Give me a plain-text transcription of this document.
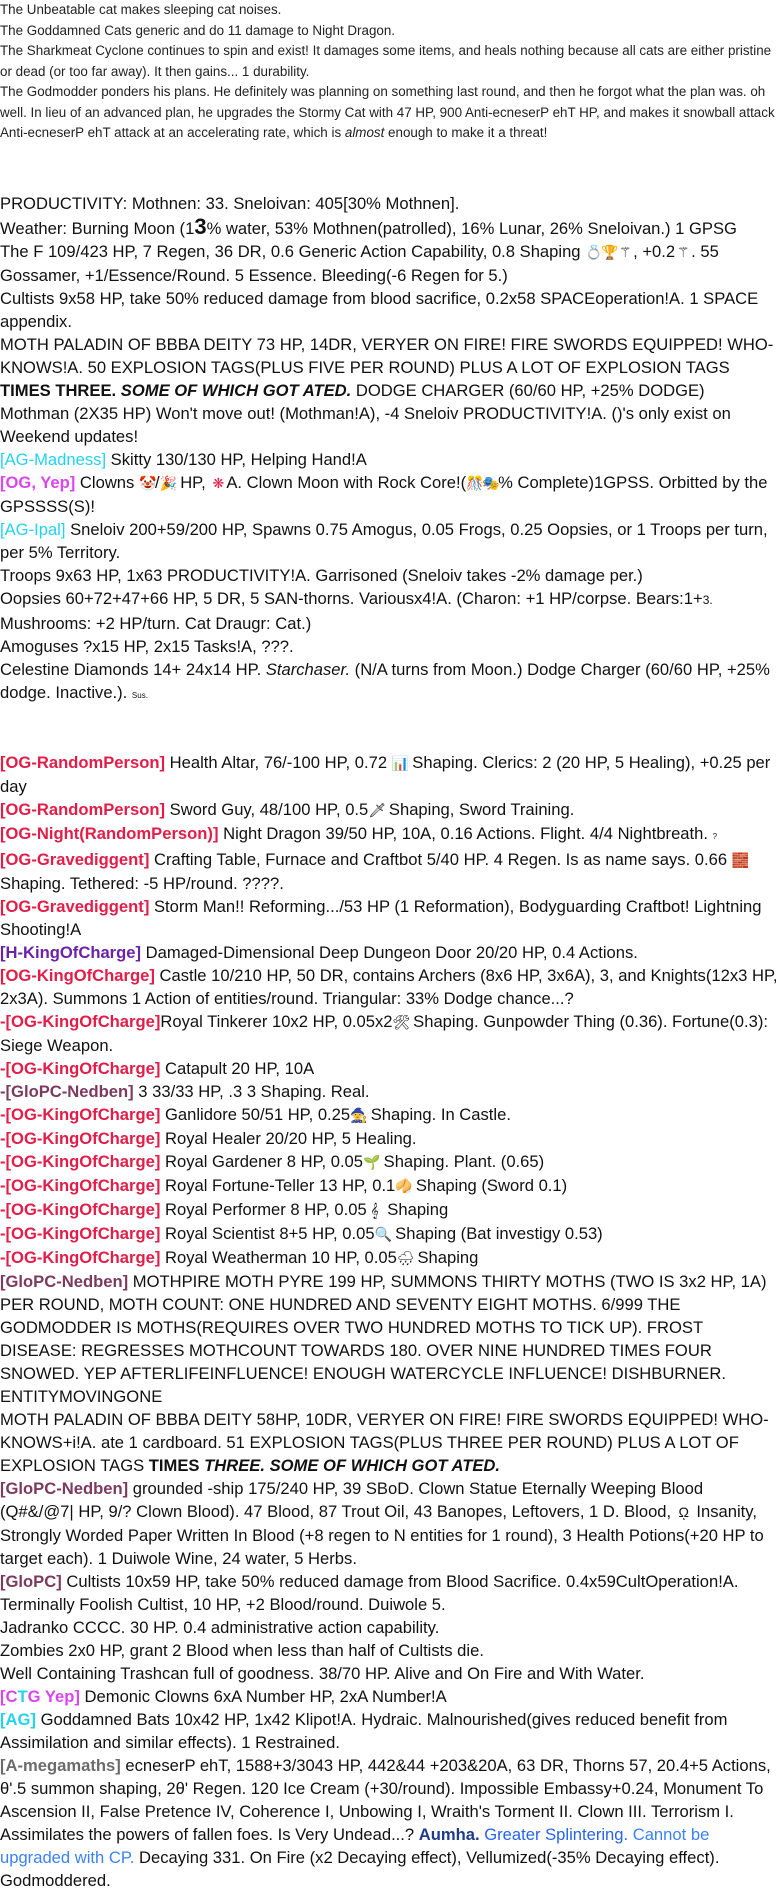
The Unbeatable cat makes sleeping cat noises.

The Goddamned Cats generic and do 11 damage to Night Dragon.

The Sharkmeat Cyclone continues to spin and exist! It damages some items, and heals nothing because all cats are either pristine or dead (or too far away). It then gains... 1 durability.

The Godmodder ponders his plans. He definitely was planning on something last round, and then he forgot what the plan was. oh well. In lieu of an advanced plan, he upgrades the Stormy Cat with 47 HP, 900 Anti-ecneserP ehT HP, and makes it snowball attack Anti-ecneserP ehT attack at an accelerating rate, which is almost enough to make it a threat!

PRODUCTIVITY: Mothnen: 33. Sneloivan: 405[30% Mothnen].

Weather: Burning Moon (13% water, 53% Mothnen(patrolled), 16% Lunar, 26% Sneloivan.) 1 GPSG

The F 109/423 HP, 7 Regen, 36 DR, 0.6 Generic Action Capability, 0.8 Shaping 💍🏆⚚ , +0.2 ⚚ . 55 Gossamer, +1/Essence/Round. 5 Essence. Bleeding(-6 Regen for 5.)

Cultists 9x58 HP, take 50% reduced damage from blood sacrifice, 0.2x58 SPACEoperation!A. 1 SPACE appendix.

MOTH PALADIN OF BBBA DEITY 73 HP, 14DR, VERYER ON FIRE! FIRE SWORDS EQUIPPED! WHO-KNOWS!A. 50 EXPLOSION TAGS(PLUS FIVE PER ROUND) PLUS A LOT OF EXPLOSION TAGS TIMES THREE. SOME OF WHICH GOT ATED. DODGE CHARGER (60/60 HP, +25% DODGE)

Mothman (2X35 HP) Won't move out! (Mothman!A), -4 Sneloiv PRODUCTIVITY!A. ()'s only exist on Weekend updates!

[AG-Madness] Skitty 130/130 HP, Helping Hand!A

[OG, Yep] Clowns 🤡/🎉 HP, ❋ A. Clown Moon with Rock Core!(🎊🎭% Complete)1GPSS. Orbitted by the GPSSSS(S)!

[AG-Ipal] Sneloiv 200+59/200 HP, Spawns 0.75 Amogus, 0.05 Frogs, 0.25 Oopsies, or 1 Troops per turn, per 5% Territory.

Troops 9x63 HP, 1x63 PRODUCTIVITY!A. Garrisoned (Sneloiv takes -2% damage per.)

Oopsies 60+72+47+66 HP, 5 DR, 5 SAN-thorns. Variousx4!A. (Charon: +1 HP/corpse. Bears:1+3.

Mushrooms: +2 HP/turn. Cat Draugr: Cat.)

Amoguses ?x15 HP, 2x15 Tasks!A, ???.

Celestine Diamonds 14+ 24x14 HP. Starchaser. (N/A turns from Moon.) Dodge Charger (60/60 HP, +25% dodge. Inactive.). Sus.

[OG-RandomPerson] Health Altar, 76/-100 HP, 0.72 📊 Shaping. Clerics: 2 (20 HP, 5 Healing), +0.25 per day

[OG-RandomPerson] Sword Guy, 48/100 HP, 0.5🗡 Shaping, Sword Training.

[OG-Night(RandomPerson)] Night Dragon 39/50 HP, 10A, 0.16 Actions. Flight. 4/4 Nightbreath. ?

[OG-Gravediggent] Crafting Table, Furnace and Craftbot 5/40 HP. 4 Regen. Is as name says. 0.66 🧱 Shaping. Tethered: -5 HP/round. ????.

[OG-Gravediggent] Storm Man!! Reforming.../53 HP (1 Reformation), Bodyguarding Craftbot! Lightning Shooting!A

[H-KingOfCharge] Damaged-Dimensional Deep Dungeon Door 20/20 HP, 0.4 Actions.

[OG-KingOfCharge] Castle 10/210 HP, 50 DR, contains Archers (8x6 HP, 3x6A), 3, and Knights(12x3 HP, 2x3A). Summons 1 Action of entities/round. Triangular: 33% Dodge chance...?

-[OG-KingOfCharge]Royal Tinkerer 10x2 HP, 0.05x2🛠 Shaping. Gunpowder Thing (0.36). Fortune(0.3): Siege Weapon.

-[OG-KingOfCharge] Catapult 20 HP, 10A

-[GloPC-Nedben] 3 33/33 HP, .3 3 Shaping. Real.

-[OG-KingOfCharge] Ganlidore 50/51 HP, 0.25🧙 Shaping. In Castle.

-[OG-KingOfCharge] Royal Healer 20/20 HP, 5 Healing.

-[OG-KingOfCharge] Royal Gardener 8 HP, 0.05🌱 Shaping. Plant. (0.65)

-[OG-KingOfCharge] Royal Fortune-Teller 13 HP, 0.1🥠 Shaping (Sword 0.1)

-[OG-KingOfCharge] Royal Performer 8 HP, 0.05 𝄞 Shaping

-[OG-KingOfCharge] Royal Scientist 8+5 HP, 0.05🔍 Shaping (Bat investigy 0.53)

-[OG-KingOfCharge] Royal Weatherman 10 HP, 0.05🌧 Shaping

[GloPC-Nedben] MOTHPIRE MOTH PYRE 199 HP, SUMMONS THIRTY MOTHS (TWO IS 3x2 HP, 1A) PER ROUND, MOTH COUNT: ONE HUNDRED AND SEVENTY EIGHT MOTHS. 6/999 THE GODMODDER IS MOTHS(REQUIRES OVER TWO HUNDRED MOTHS TO TICK UP). FROST DISEASE: REGRESSES MOTHCOUNT TOWARDS 180. OVER NINE HUNDRED TIMES FOUR SNOWED. YEP AFTERLIFEINFLUENCE! ENOUGH WATERCYCLE INFLUENCE! DISHBURNER. ENTITYMOVINGONE

MOTH PALADIN OF BBBA DEITY 58HP, 10DR, VERYER ON FIRE! FIRE SWORDS EQUIPPED! WHO-KNOWS+i!A. ate 1 cardboard. 51 EXPLOSION TAGS(PLUS THREE PER ROUND) PLUS A LOT OF EXPLOSION TAGS TIMES THREE. SOME OF WHICH GOT ATED.

[GloPC-Nedben] grounded -ship 175/240 HP, 39 SBoD. Clown Statue Eternally Weeping Blood (Q#&/@7| HP, 9/? Clown Blood). 47 Blood, 87 Trout Oil, 43 Banopes, Leftovers, 1 D. Blood, ῼ Insanity, Strongly Worded Paper Written In Blood (+8 regen to N entities for 1 round), 3 Health Potions(+20 HP to target each). 1 Duiwole Wine, 24 water, 5 Herbs.

[GloPC] Cultists 10x59 HP, take 50% reduced damage from Blood Sacrifice. 0.4x59CultOperation!A.

Terminally Foolish Cultist, 10 HP, +2 Blood/round. Duiwole 5.

Jadranko CCCC. 30 HP. 0.4 administrative action capability.

Zombies 2x0 HP, grant 2 Blood when less than half of Cultists die.

Well Containing Trashcan full of goodness. 38/70 HP. Alive and On Fire and With Water.

[CTG Yep] Demonic Clowns 6xA Number HP, 2xA Number!A

[AG] Goddamned Bats 10x42 HP, 1x42 Klipot!A. Hydraic. Malnourished(gives reduced benefit from Assimilation and similar effects). 1 Restrained.

[A-megamaths] ecneserP ehT, 1588+3/3043 HP, 442&44 +203&20A, 63 DR, Thorns 57, 20.4+5 Actions, θ'.5 summon shaping, 2θ' Regen. 120 Ice Cream (+30/round). Impossible Embassy+0.24, Monument To Ascension II, False Pretence IV, Coherence I, Unbowing I, Wraith's Torment II. Clown III. Terrorism I. Assimilates the powers of fallen foes. Is Very Undead...? Aumha. Greater Splintering. Cannot be upgraded with CP. Decaying 331. On Fire (x2 Decaying effect), Vellumized(-35% Decaying effect). Godmoddered.
